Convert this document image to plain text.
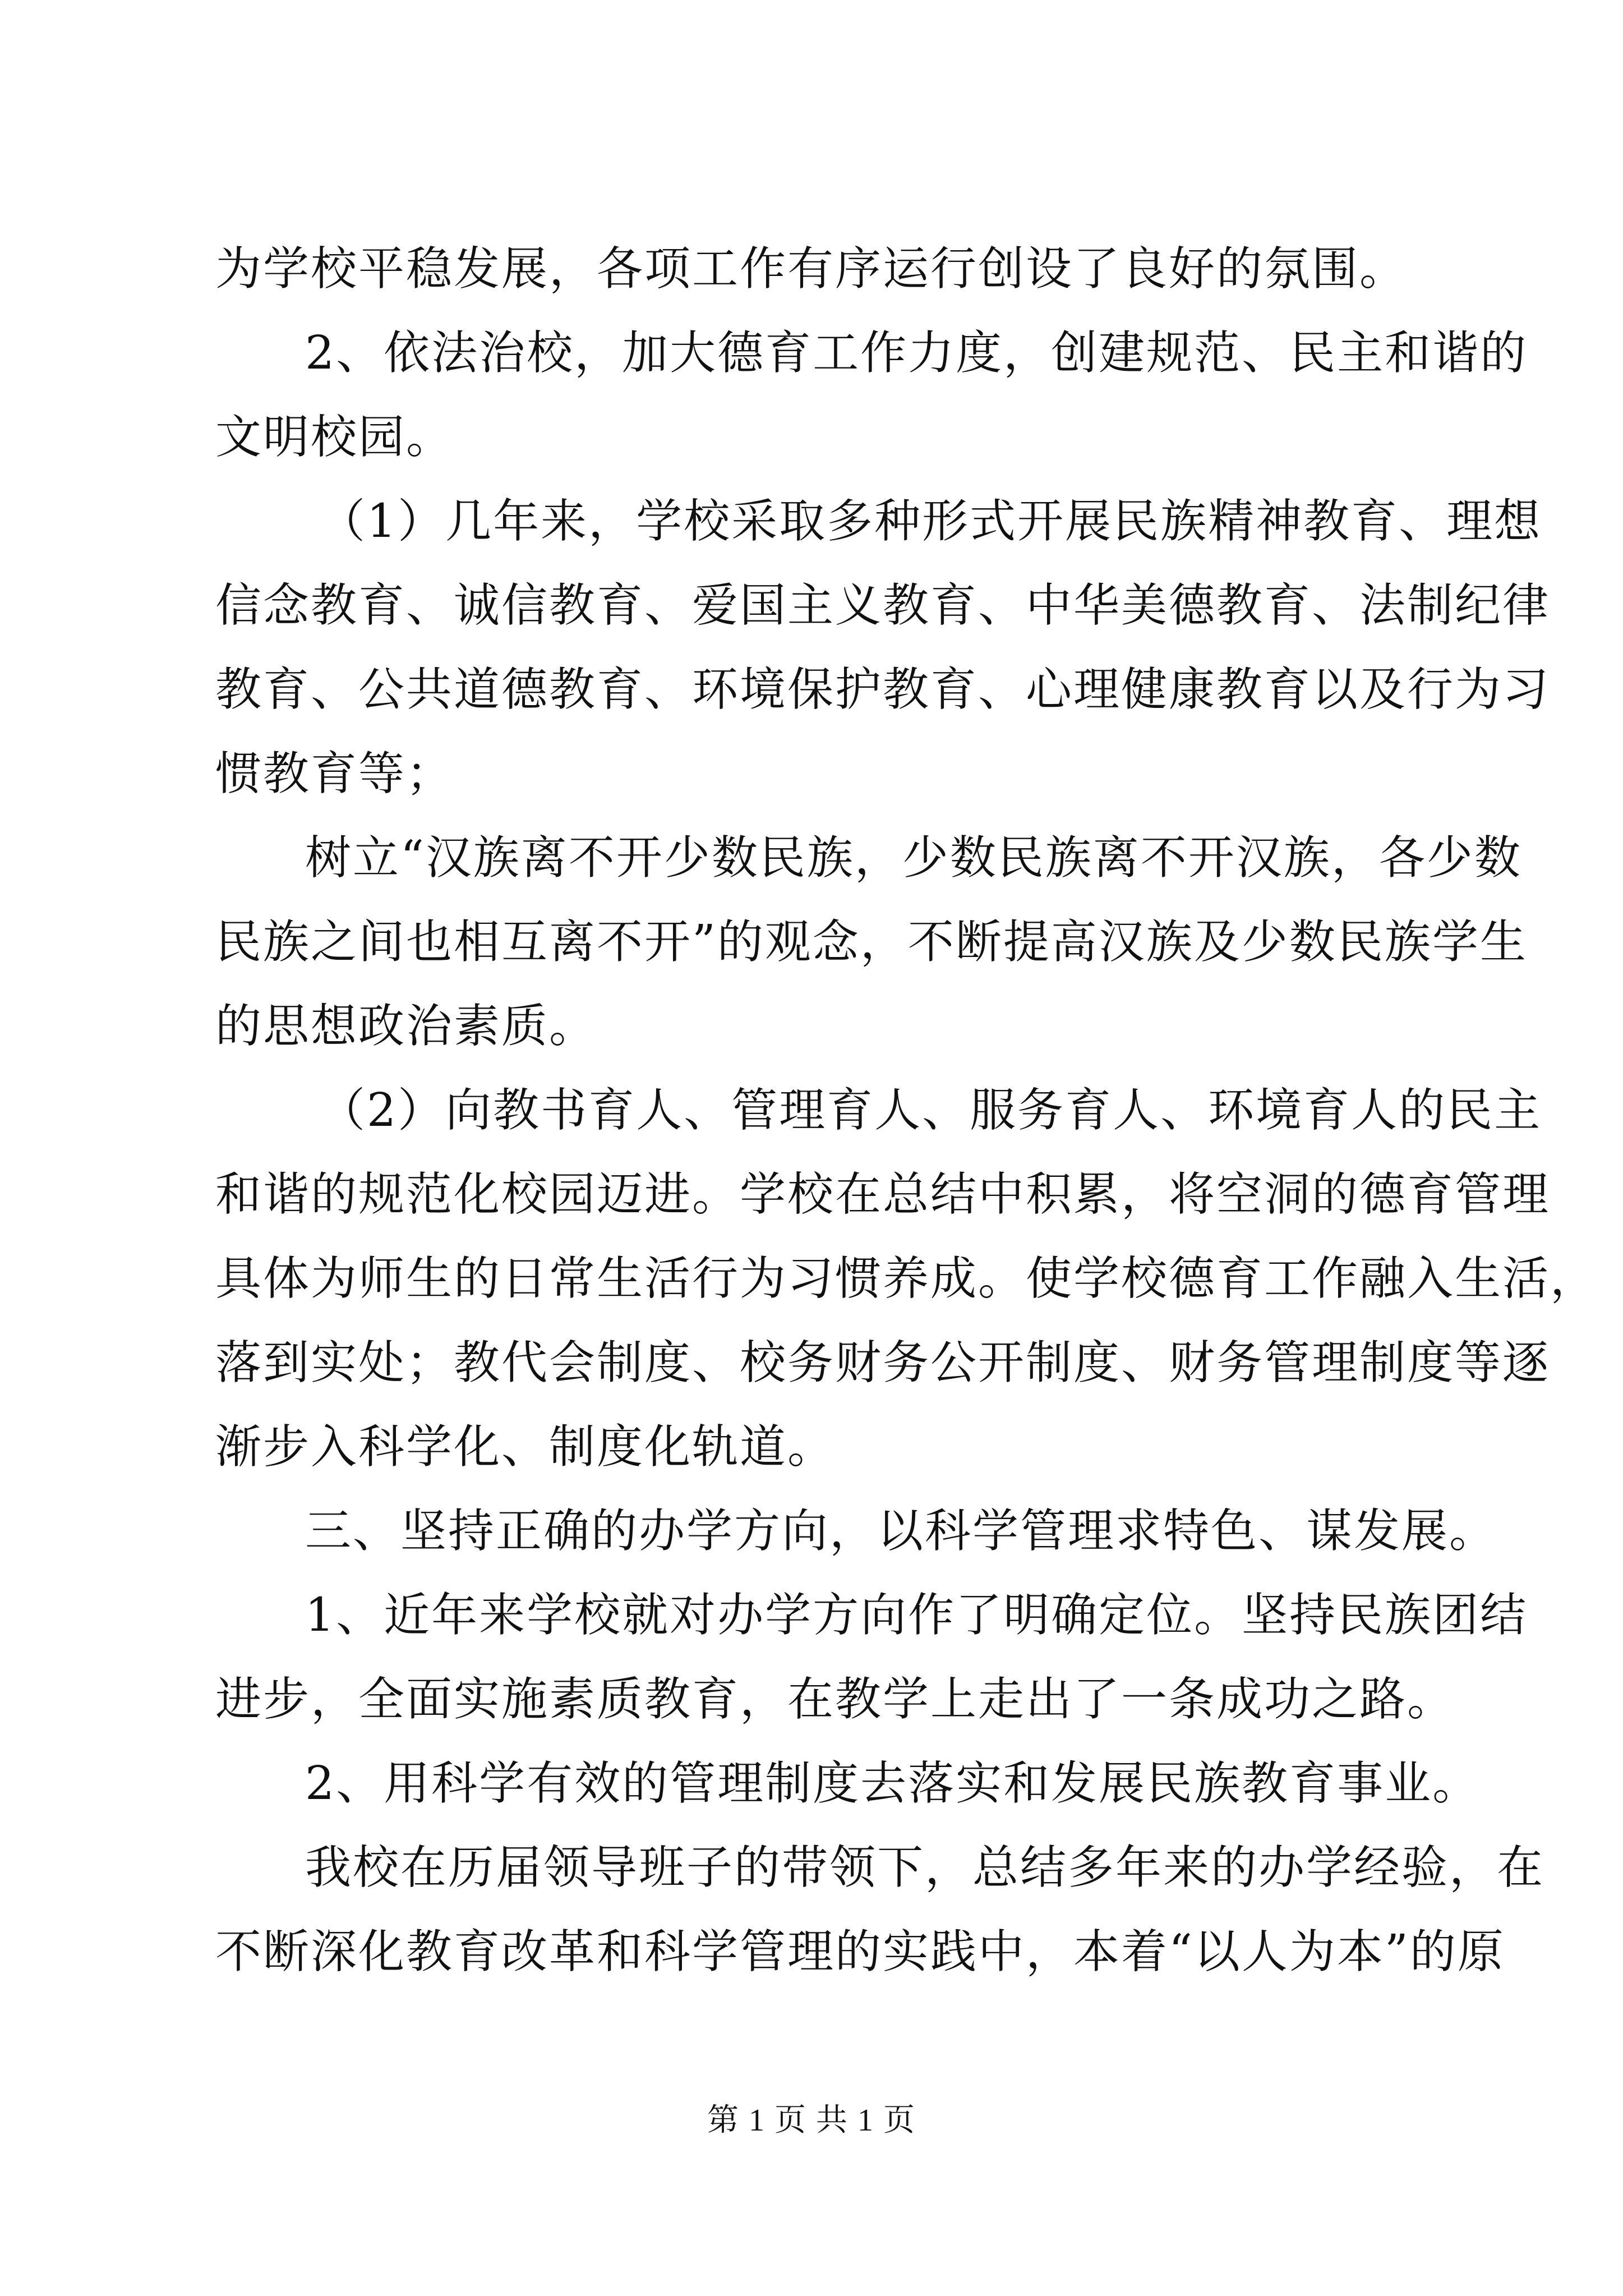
为学校平稳发展，各项工作有序运行创设了良好的氛围。
2、依法治校，加大德育工作力度，创建规范、民主和谐的
文明校园。
（1）几年来，学校采取多种形式开展民族精神教育、理想
信念教育、诚信教育、爱国主义教育、中华美德教育、法制纪律
教育、公共道德教育、环境保护教育、心理健康教育以及行为习
惯教育等；
树立“汉族离不开少数民族，少数民族离不开汉族，各少数
民族之间也相互离不开”的观念，不断提高汉族及少数民族学生
的思想政治素质。
（2）向教书育人、管理育人、服务育人、环境育人的民主
和谐的规范化校园迈进。学校在总结中积累，将空洞的德育管理
具体为师生的日常生活行为习惯养成。使学校德育工作融入生活，
落到实处；教代会制度、校务财务公开制度、财务管理制度等逐
渐步入科学化、制度化轨道。
三、坚持正确的办学方向，以科学管理求特色、谋发展。
1、近年来学校就对办学方向作了明确定位。坚持民族团结
进步，全面实施素质教育，在教学上走出了一条成功之路。
2、用科学有效的管理制度去落实和发展民族教育事业。
我校在历届领导班子的带领下，总结多年来的办学经验，在
不断深化教育改革和科学管理的实践中，本着“以人为本”的原
第 1 页 共 1 页
